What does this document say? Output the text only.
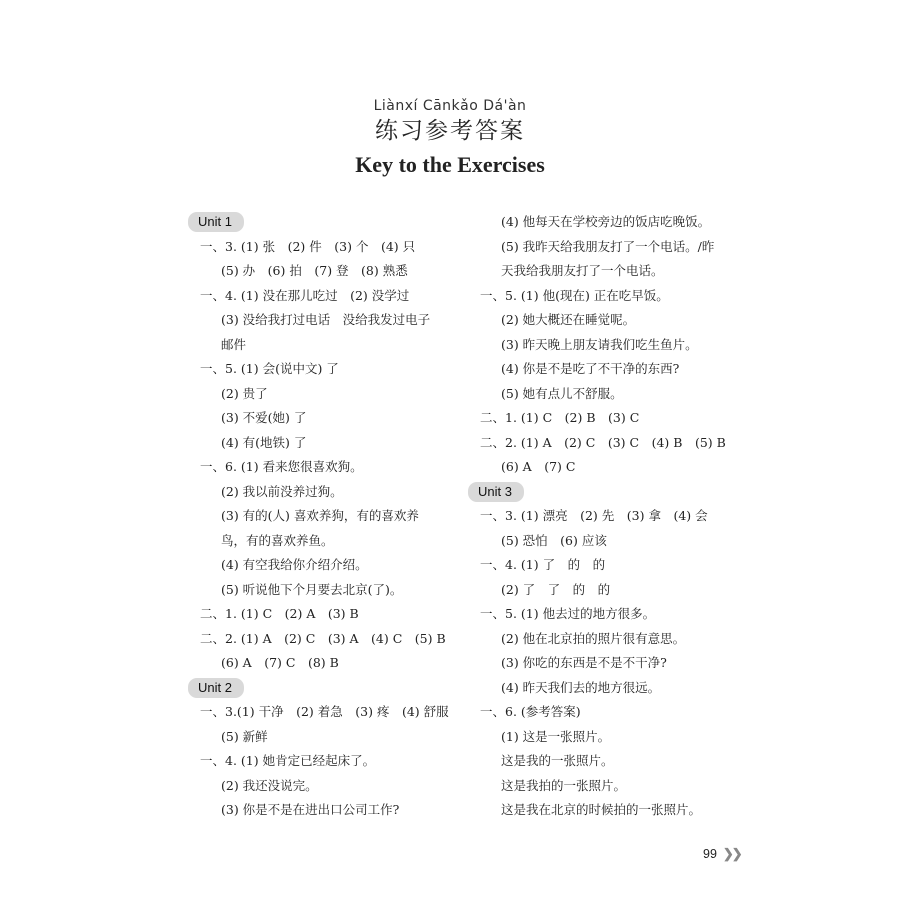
Liànxí Cānkǎo Dá'àn
练习参考答案
Key to the Exercises
Unit 1
一、3. (1) 张　(2) 件　(3) 个　(4) 只
(5) 办　(6) 拍　(7) 登　(8) 熟悉
一、4. (1) 没在那儿吃过　(2) 没学过
(3) 没给我打过电话　没给我发过电子
邮件
一、5. (1) 会(说中文) 了
(2) 贵了
(3) 不爱(她) 了
(4) 有(地铁) 了
一、6. (1) 看来您很喜欢狗。
(2) 我以前没养过狗。
(3) 有的(人) 喜欢养狗，有的喜欢养
鸟，有的喜欢养鱼。
(4) 有空我给你介绍介绍。
(5) 听说他下个月要去北京(了)。
二、1. (1) C　(2) A　(3) B
二、2. (1) A　(2) C　(3) A　(4) C　(5) B
(6) A　(7) C　(8) B
Unit 2
一、3.(1) 干净　(2) 着急　(3) 疼　(4) 舒服
(5) 新鲜
一、4. (1) 她肯定已经起床了。
(2) 我还没说完。
(3) 你是不是在进出口公司工作?
(4) 他每天在学校旁边的饭店吃晚饭。
(5) 我昨天给我朋友打了一个电话。/昨
天我给我朋友打了一个电话。
一、5. (1) 他(现在) 正在吃早饭。
(2) 她大概还在睡觉呢。
(3) 昨天晚上朋友请我们吃生鱼片。
(4) 你是不是吃了不干净的东西?
(5) 她有点儿不舒服。
二、1. (1) C　(2) B　(3) C
二、2. (1) A　(2) C　(3) C　(4) B　(5) B
(6) A　(7) C
Unit 3
一、3. (1) 漂亮　(2) 先　(3) 拿　(4) 会
(5) 恐怕　(6) 应该
一、4. (1) 了　的　的
(2) 了　了　的　的
一、5. (1) 他去过的地方很多。
(2) 他在北京拍的照片很有意思。
(3) 你吃的东西是不是不干净?
(4) 昨天我们去的地方很远。
一、6. (参考答案)
(1) 这是一张照片。
这是我的一张照片。
这是我拍的一张照片。
这是我在北京的时候拍的一张照片。
99 ❯❯
